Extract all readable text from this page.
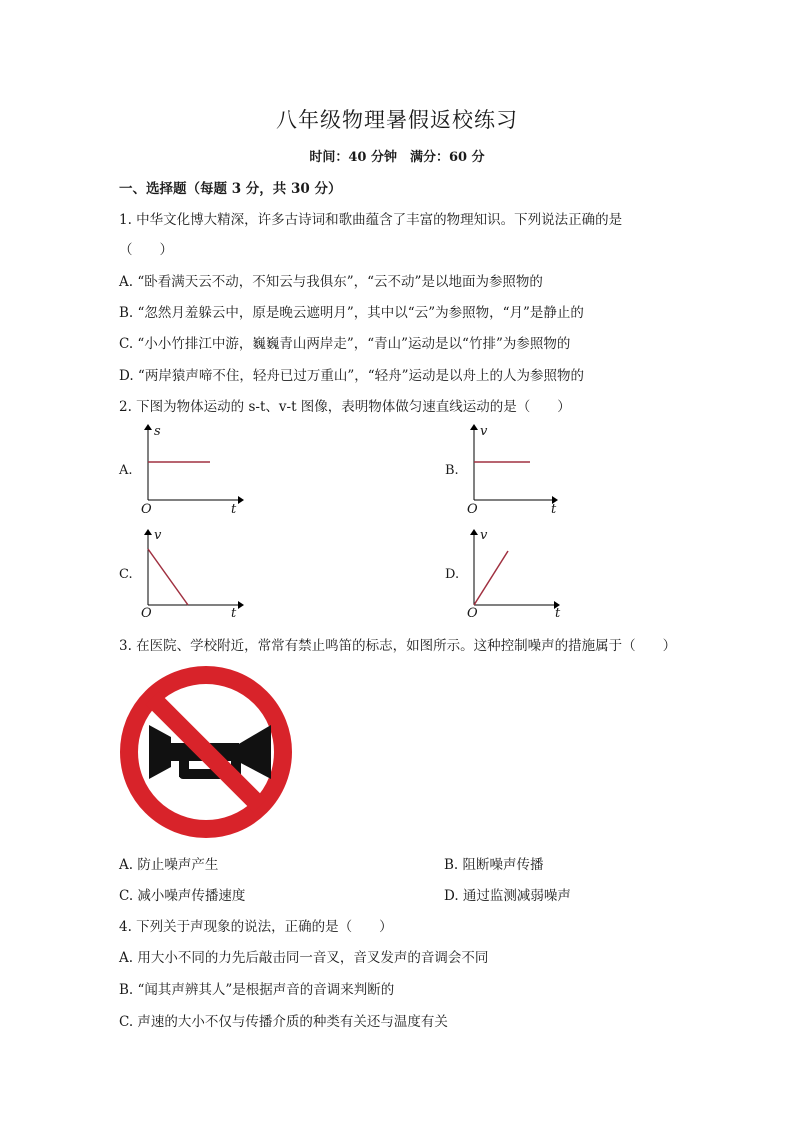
八年级物理暑假返校练习
时间：40 分钟　满分：60 分
一、选择题（每题 3 分，共 30 分）
1. 中华文化博大精深，许多古诗词和歌曲蕴含了丰富的物理知识。下列说法正确的是
（　　）
A. “卧看满天云不动，不知云与我俱东”，“云不动”是以地面为参照物的
B. “忽然月羞躲云中，原是晚云遮明月”，其中以“云”为参照物，“月”是静止的
C. “小小竹排江中游，巍巍青山两岸走”，“青山”运动是以“竹排”为参照物的
D. “两岸猿声啼不住，轻舟已过万重山”，“轻舟”运动是以舟上的人为参照物的
2. 下图为物体运动的 s-t、v-t 图像，表明物体做匀速直线运动的是（　　）
A.
s
O	t
B.
v
O	t
C.
v
O	t
D.
v
O	t
3. 在医院、学校附近，常常有禁止鸣笛的标志，如图所示。这种控制噪声的措施属于（　　）
A. 防止噪声产生	B. 阻断噪声传播
C. 减小噪声传播速度	D. 通过监测减弱噪声
4. 下列关于声现象的说法，正确的是（　　）
A. 用大小不同的力先后敲击同一音叉，音叉发声的音调会不同
B. “闻其声辨其人”是根据声音的音调来判断的
C. 声速的大小不仅与传播介质的种类有关还与温度有关
